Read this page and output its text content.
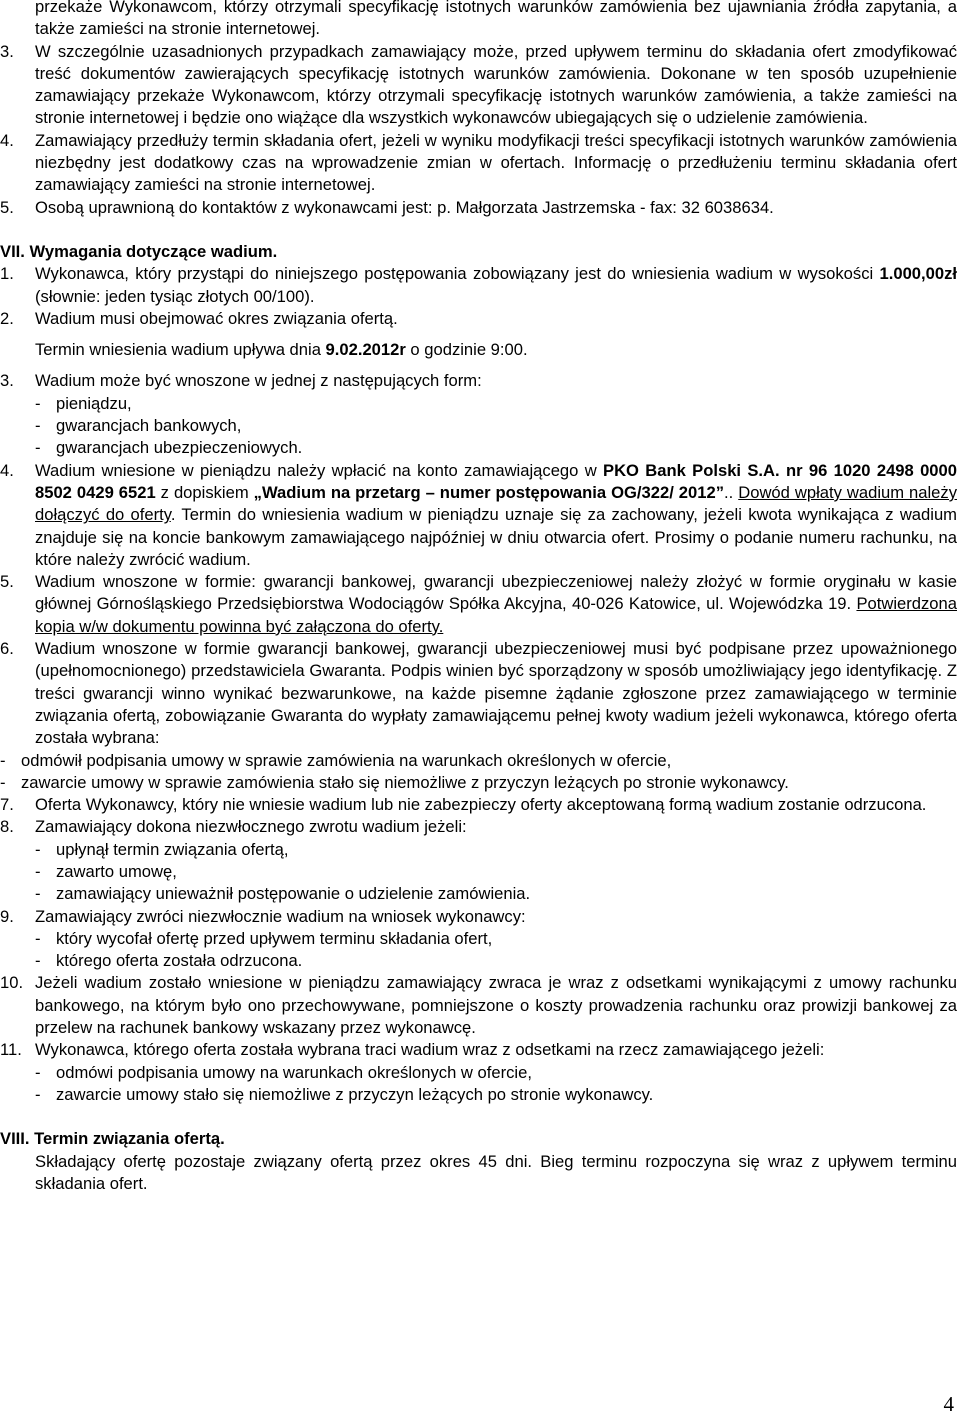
przekaże Wykonawcom, którzy otrzymali specyfikację istotnych warunków zamówienia bez ujawniania źródła zapytania, a także zamieści na stronie internetowej.
3. W szczególnie uzasadnionych przypadkach zamawiający może, przed upływem terminu do składania ofert zmodyfikować treść dokumentów zawierających specyfikację istotnych warunków zamówienia. Dokonane w ten sposób uzupełnienie zamawiający przekaże Wykonawcom, którzy otrzymali specyfikację istotnych warunków zamówienia, a także zamieści na stronie internetowej i będzie ono wiążące dla wszystkich wykonawców ubiegających się o udzielenie zamówienia.
4. Zamawiający przedłuży termin składania ofert, jeżeli w wyniku modyfikacji treści specyfikacji istotnych warunków zamówienia niezbędny jest dodatkowy czas na wprowadzenie zmian w ofertach. Informację o przedłużeniu terminu składania ofert zamawiający zamieści na stronie internetowej.
5. Osobą uprawnioną do kontaktów z wykonawcami jest: p. Małgorzata Jastrzemska - fax: 32 6038634.
VII. Wymagania dotyczące wadium.
1. Wykonawca, który przystąpi do niniejszego postępowania zobowiązany jest do wniesienia wadium w wysokości 1.000,00zł (słownie: jeden tysiąc złotych 00/100).
2. Wadium musi obejmować okres związania ofertą.
Termin wniesienia wadium upływa dnia 9.02.2012r o godzinie 9:00.
3. Wadium może być wnoszone w jednej z następujących form:
- pieniądzu,
- gwarancjach bankowych,
- gwarancjach ubezpieczeniowych.
4. Wadium wniesione w pieniądzu należy wpłacić na konto zamawiającego w PKO Bank Polski S.A. nr 96 1020 2498 0000 8502 0429 6521 z dopiskiem „Wadium na przetarg – numer postępowania OG/322/ 2012”.. Dowód wpłaty wadium należy dołączyć do oferty. Termin do wniesienia wadium w pieniądzu uznaje się za zachowany, jeżeli kwota wynikająca z wadium znajduje się na koncie bankowym zamawiającego najpóźniej w dniu otwarcia ofert. Prosimy o podanie numeru rachunku, na które należy zwrócić wadium.
5. Wadium wnoszone w formie: gwarancji bankowej, gwarancji ubezpieczeniowej należy złożyć w formie oryginału w kasie głównej Górnośląskiego Przedsiębiorstwa Wodociągów Spółka Akcyjna, 40-026 Katowice, ul. Wojewódzka 19. Potwierdzona kopia w/w dokumentu powinna być załączona do oferty.
6. Wadium wnoszone w formie gwarancji bankowej, gwarancji ubezpieczeniowej musi być podpisane przez upoważnionego (upełnomocnionego) przedstawiciela Gwaranta. Podpis winien być sporządzony w sposób umożliwiający jego identyfikację. Z treści gwarancji winno wynikać bezwarunkowe, na każde pisemne żądanie zgłoszone przez zamawiającego w terminie związania ofertą, zobowiązanie Gwaranta do wypłaty zamawiającemu pełnej kwoty wadium jeżeli wykonawca, którego oferta została wybrana:
- odmówił podpisania umowy w sprawie zamówienia na warunkach określonych w ofercie,
- zawarcie umowy w sprawie zamówienia stało się niemożliwe z przyczyn leżących po stronie wykonawcy.
7. Oferta Wykonawcy, który nie wniesie wadium lub nie zabezpieczy oferty akceptowaną formą wadium zostanie odrzucona.
8. Zamawiający dokona niezwłocznego zwrotu wadium jeżeli:
- upłynął termin związania ofertą,
- zawarto umowę,
- zamawiający unieważnił postępowanie o udzielenie zamówienia.
9. Zamawiający zwróci niezwłocznie wadium na wniosek wykonawcy:
- który wycofał ofertę przed upływem terminu składania ofert,
- którego oferta została odrzucona.
10. Jeżeli wadium zostało wniesione w pieniądzu zamawiający zwraca je wraz z odsetkami wynikającymi z umowy rachunku bankowego, na którym było ono przechowywane, pomniejszone o koszty prowadzenia rachunku oraz prowizji bankowej za przelew na rachunek bankowy wskazany przez wykonawcę.
11. Wykonawca, którego oferta została wybrana traci wadium wraz z odsetkami na rzecz zamawiającego jeżeli:
- odmówi podpisania umowy na warunkach określonych w ofercie,
- zawarcie umowy stało się niemożliwe z przyczyn leżących po stronie wykonawcy.
VIII. Termin związania ofertą.
Składający ofertę pozostaje związany ofertą przez okres 45 dni. Bieg terminu rozpoczyna się wraz z upływem terminu składania ofert.
4
